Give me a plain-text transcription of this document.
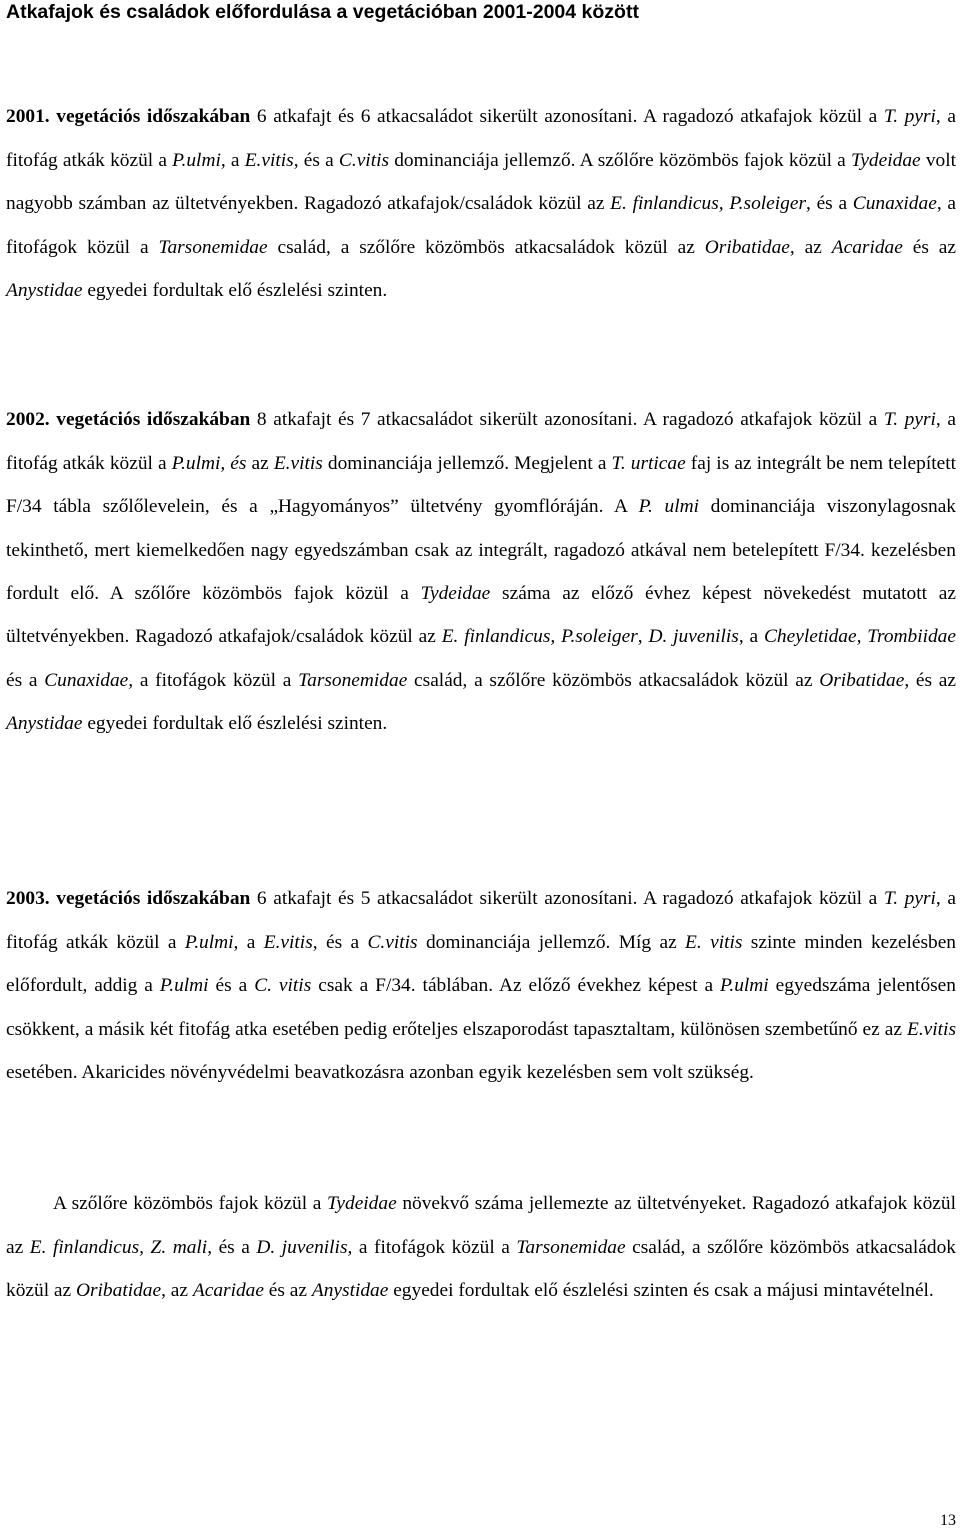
Atkafajok és családok előfordulása a vegetációban 2001-2004 között

2001. vegetációs időszakában 6 atkafajt és 6 atkacsaládot sikerült azonosítani. A ragadozó atkafajok közül a T. pyri, a fitofág atkák közül a P.ulmi, a E.vitis, és a C.vitis dominanciája jellemző. A szőlőre közömbös fajok közül a Tydeidae volt nagyobb számban az ültetvényekben. Ragadozó atkafajok/családok közül az E. finlandicus, P.soleiger, és a Cunaxidae, a fitofágok közül a Tarsonemidae család, a szőlőre közömbös atkacsaládok közül az Oribatidae, az Acaridae és az Anystidae egyedei fordultak elő észlelési szinten.

2002. vegetációs időszakában 8 atkafajt és 7 atkacsaládot sikerült azonosítani. A ragadozó atkafajok közül a T. pyri, a fitofág atkák közül a P.ulmi, és az E.vitis dominanciája jellemző. Megjelent a T. urticae faj is az integrált be nem telepített F/34 tábla szőlőlevelein, és a „Hagyományos” ültetvény gyomflóráján. A P. ulmi dominanciája viszonylagosnak tekinthető, mert kiemelkedően nagy egyedszámban csak az integrált, ragadozó atkával nem betelepített F/34. kezelésben fordult elő. A szőlőre közömbös fajok közül a Tydeidae száma az előző évhez képest növekedést mutatott az ültetvényekben. Ragadozó atkafajok/családok közül az E. finlandicus, P.soleiger, D. juvenilis, a Cheyletidae, Trombiidae és a Cunaxidae, a fitofágok közül a Tarsonemidae család, a szőlőre közömbös atkacsaládok közül az Oribatidae, és az Anystidae egyedei fordultak elő észlelési szinten.

2003. vegetációs időszakában 6 atkafajt és 5 atkacsaládot sikerült azonosítani. A ragadozó atkafajok közül a T. pyri, a fitofág atkák közül a P.ulmi, a E.vitis, és a C.vitis dominanciája jellemző. Míg az E. vitis szinte minden kezelésben előfordult, addig a P.ulmi és a C. vitis csak a F/34. táblában. Az előző évekhez képest a P.ulmi egyedszáma jelentősen csökkent, a másik két fitofág atka esetében pedig erőteljes elszaporodást tapasztaltam, különösen szembetűnő ez az E.vitis esetében. Akaricides növényvédelmi beavatkozásra azonban egyik kezelésben sem volt szükség.

A szőlőre közömbös fajok közül a Tydeidae növekvő száma jellemezte az ültetvényeket. Ragadozó atkafajok közül az E. finlandicus, Z. mali, és a D. juvenilis, a fitofágok közül a Tarsonemidae család, a szőlőre közömbös atkacsaládok közül az Oribatidae, az Acaridae és az Anystidae egyedei fordultak elő észlelési szinten és csak a májusi mintavételnél.

13
